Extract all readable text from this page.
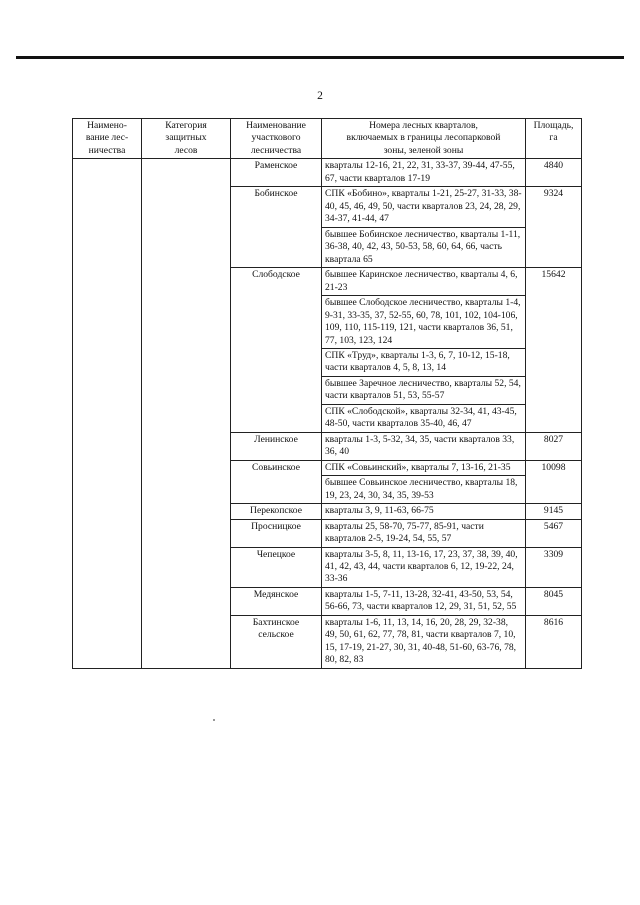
2
Наимено-
вание лес-
ничества	Категория
защитных
лесов	Наименование
участкового
лесничества	Номера лесных кварталов,
включаемых в границы лесопарковой
зоны, зеленой зоны	Площадь,
га
		Раменское	кварталы 12-16, 21, 22, 31, 33-37, 39-44, 47-55, 67, части кварталов 17-19	4840
		Бобинское	СПК «Бобино», кварталы 1-21, 25-27, 31-33, 38-40, 45, 46, 49, 50, части кварталов 23, 24, 28, 29, 34-37, 41-44, 47	9324
			бывшее Бобинское лесничество, кварталы 1-11, 36-38, 40, 42, 43, 50-53, 58, 60, 64, 66, часть квартала 65	
		Слободское	бывшее Каринское лесничество, кварталы 4, 6, 21-23	15642
			бывшее Слободское лесничество, кварталы 1-4, 9-31, 33-35, 37, 52-55, 60, 78, 101, 102, 104-106, 109, 110, 115-119, 121, части кварталов 36, 51, 77, 103, 123, 124	
			СПК «Труд», кварталы 1-3, 6, 7, 10-12, 15-18, части кварталов 4, 5, 8, 13, 14	
			бывшее Заречное лесничество, кварталы 52, 54, части кварталов 51, 53, 55-57	
			СПК «Слободской», кварталы 32-34, 41, 43-45, 48-50, части кварталов 35-40, 46, 47	
		Ленинское	кварталы 1-3, 5-32, 34, 35, части кварталов 33, 36, 40	8027
		Совьинское	СПК «Совьинский», кварталы 7, 13-16, 21-35	10098
			бывшее Совьинское лесничество, кварталы 18, 19, 23, 24, 30, 34, 35, 39-53	
		Перекопское	кварталы 3, 9, 11-63, 66-75	9145
		Просницкое	кварталы 25, 58-70, 75-77, 85-91, части кварталов 2-5, 19-24, 54, 55, 57	5467
		Чепецкое	кварталы 3-5, 8, 11, 13-16, 17, 23, 37, 38, 39, 40, 41, 42, 43, 44, части кварталов 6, 12, 19-22, 24, 33-36	3309
		Медянское	кварталы 1-5, 7-11, 13-28, 32-41, 43-50, 53, 54, 56-66, 73, части кварталов 12, 29, 31, 51, 52, 55	8045
		Бахтинское сельское	кварталы 1-6, 11, 13, 14, 16, 20, 28, 29, 32-38, 49, 50, 61, 62, 77, 78, 81, части кварталов 7, 10, 15, 17-19, 21-27, 30, 31, 40-48, 51-60, 63-76, 78, 80, 82, 83	8616
